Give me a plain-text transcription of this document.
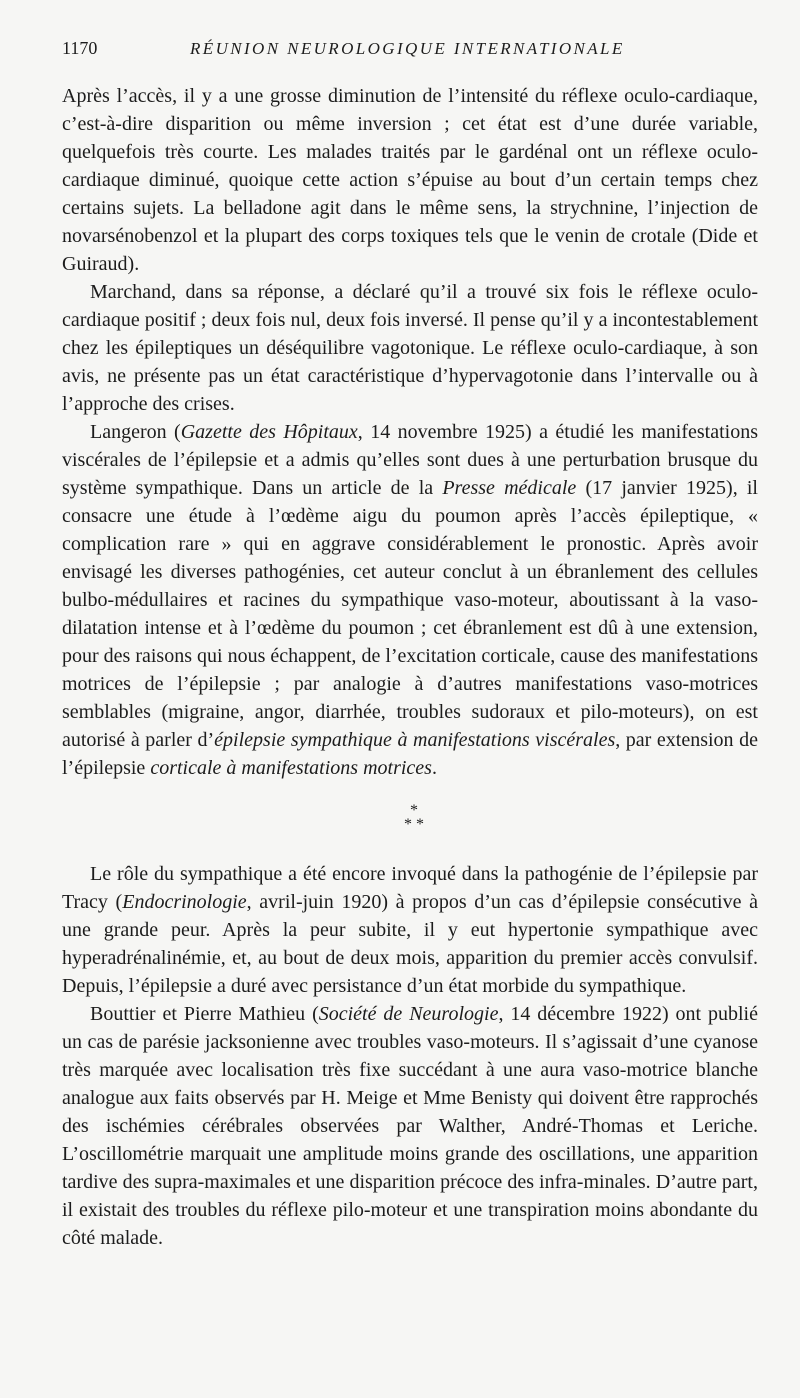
1170	RÉUNION NEUROLOGIQUE INTERNATIONALE

Après l’accès, il y a une grosse diminution de l’intensité du réflexe oculo-cardiaque, c’est-à-dire disparition ou même inversion ; cet état est d’une durée variable, quelquefois très courte. Les malades traités par le gardénal ont un réflexe oculo-cardiaque diminué, quoique cette action s’épuise au bout d’un certain temps chez certains sujets. La belladone agit dans le même sens, la strychnine, l’injection de novarsénobenzol et la plupart des corps toxiques tels que le venin de crotale (Dide et Guiraud).

Marchand, dans sa réponse, a déclaré qu’il a trouvé six fois le réflexe oculo-cardiaque positif ; deux fois nul, deux fois inversé. Il pense qu’il y a incontestablement chez les épileptiques un déséquilibre vagotonique. Le réflexe oculo-cardiaque, à son avis, ne présente pas un état caractéristique d’hypervagotonie dans l’intervalle ou à l’approche des crises.

Langeron (Gazette des Hôpitaux, 14 novembre 1925) a étudié les manifestations viscérales de l’épilepsie et a admis qu’elles sont dues à une perturbation brusque du système sympathique. Dans un article de la Presse médicale (17 janvier 1925), il consacre une étude à l’œdème aigu du poumon après l’accès épileptique, « complication rare » qui en aggrave considérablement le pronostic. Après avoir envisagé les diverses pathogénies, cet auteur conclut à un ébranlement des cellules bulbo-médullaires et racines du sympathique vaso-moteur, aboutissant à la vaso-dilatation intense et à l’œdème du poumon ; cet ébranlement est dû à une extension, pour des raisons qui nous échappent, de l’excitation corticale, cause des manifestations motrices de l’épilepsie ; par analogie à d’autres manifestations vaso-motrices semblables (migraine, angor, diarrhée, troubles sudoraux et pilo-moteurs), on est autorisé à parler d’épilepsie sympathique à manifestations viscérales, par extension de l’épilepsie corticale à manifestations motrices.

*
* *

Le rôle du sympathique a été encore invoqué dans la pathogénie de l’épilepsie par Tracy (Endocrinologie, avril-juin 1920) à propos d’un cas d’épilepsie consécutive à une grande peur. Après la peur subite, il y eut hypertonie sympathique avec hyperadrénalinémie, et, au bout de deux mois, apparition du premier accès convulsif. Depuis, l’épilepsie a duré avec persistance d’un état morbide du sympathique.

Bouttier et Pierre Mathieu (Société de Neurologie, 14 décembre 1922) ont publié un cas de parésie jacksonienne avec troubles vaso-moteurs. Il s’agissait d’une cyanose très marquée avec localisation très fixe succédant à une aura vaso-motrice blanche analogue aux faits observés par H. Meige et Mme Benisty qui doivent être rapprochés des ischémies cérébrales observées par Walther, André-Thomas et Leriche. L’oscillométrie marquait une amplitude moins grande des oscillations, une apparition tardive des supra-maximales et une disparition précoce des infra-minales. D’autre part, il existait des troubles du réflexe pilo-moteur et une transpiration moins abondante du côté malade.
